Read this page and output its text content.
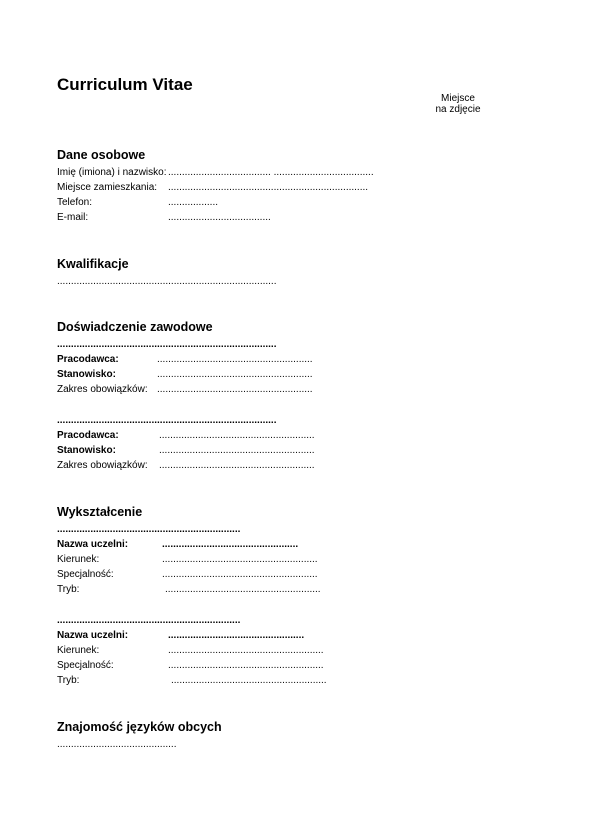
Curriculum Vitae
Miejsce
na zdjęcie
Dane osobowe
Imię (imiona) i nazwisko: ..................................... ....................................
Miejsce zamieszkania: ........................................................................
Telefon:	..................
E-mail:	.....................................
Kwalifikacje
...............................................................................
Doświadczenie zawodowe
...............................................................................
Pracodawca:	........................................................
Stanowisko:	........................................................
Zakres obowiązków: ........................................................
...............................................................................
Pracodawca:	........................................................
Stanowisko:	........................................................
Zakres obowiązków: ........................................................
Wykształcenie
..................................................................
Nazwa uczelni:	.................................................
Kierunek:	........................................................
Specjalność:	........................................................
Tryb:	........................................................
..................................................................
Nazwa uczelni:	.................................................
Kierunek:	........................................................
Specjalność:	........................................................
Tryb:	........................................................
Znajomość języków obcych
...........................................
